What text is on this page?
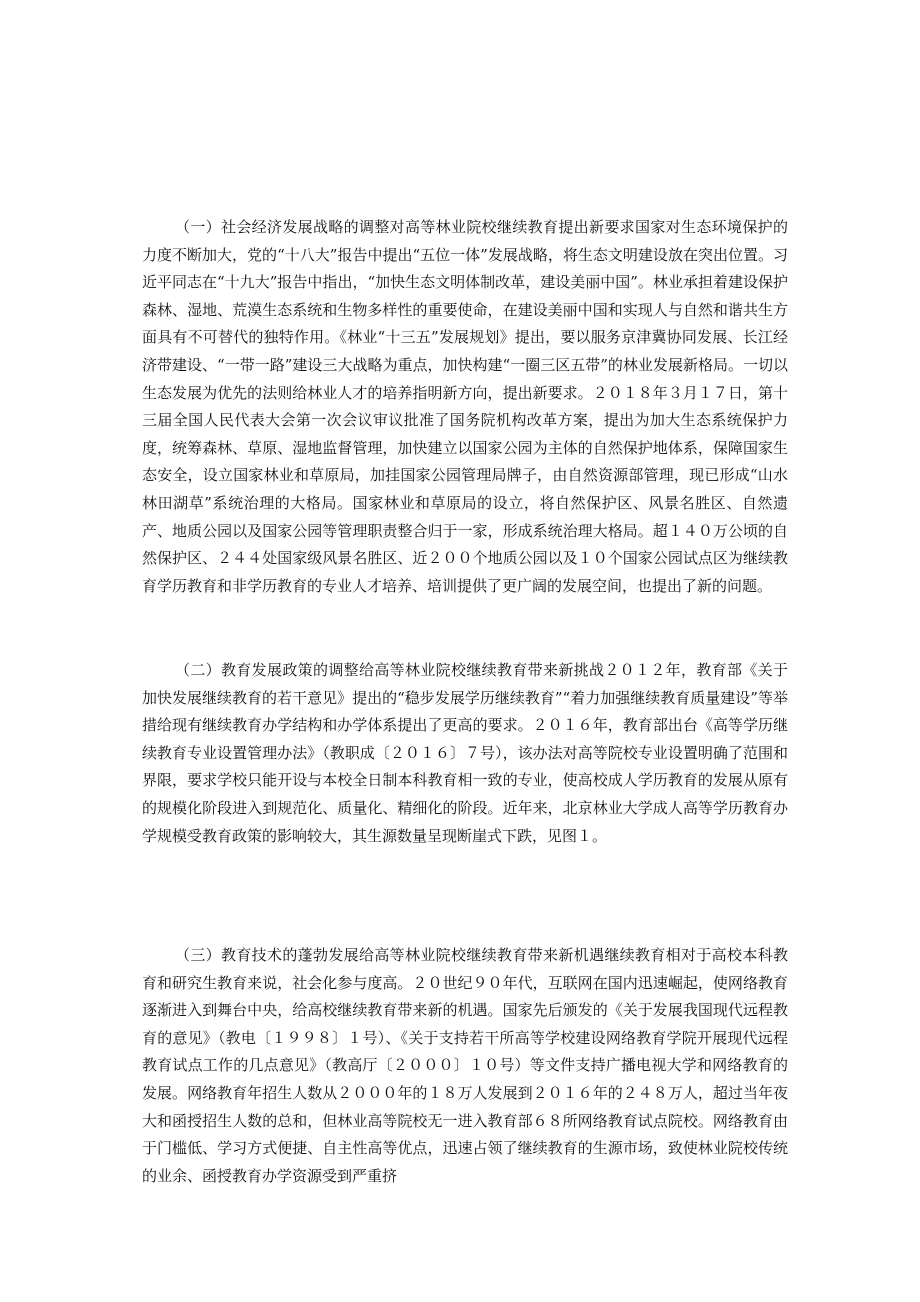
（一）社会经济发展战略的调整对高等林业院校继续教育提出新要求国家对生态环境保护的力度不断加大，党的“十八大”报告中提出“五位一体”发展战略，将生态文明建设放在突出位置。习近平同志在“十九大”报告中指出，“加快生态文明体制改革，建设美丽中国”。林业承担着建设保护森林、湿地、荒漠生态系统和生物多样性的重要使命，在建设美丽中国和实现人与自然和谐共生方面具有不可替代的独特作用。《林业“十三五”发展规划》提出，要以服务京津冀协同发展、长江经济带建设、“一带一路”建设三大战略为重点，加快构建“一圈三区五带”的林业发展新格局。一切以生态发展为优先的法则给林业人才的培养指明新方向，提出新要求。２０１８年３月１７日，第十三届全国人民代表大会第一次会议审议批准了国务院机构改革方案，提出为加大生态系统保护力度，统筹森林、草原、湿地监督管理，加快建立以国家公园为主体的自然保护地体系，保障国家生态安全，设立国家林业和草原局，加挂国家公园管理局牌子，由自然资源部管理，现已形成“山水林田湖草”系统治理的大格局。国家林业和草原局的设立，将自然保护区、风景名胜区、自然遗产、地质公园以及国家公园等管理职责整合归于一家，形成系统治理大格局。超１４０万公顷的自然保护区、２４４处国家级风景名胜区、近２００个地质公园以及１０个国家公园试点区为继续教育学历教育和非学历教育的专业人才培养、培训提供了更广阔的发展空间，也提出了新的问题。

（二）教育发展政策的调整给高等林业院校继续教育带来新挑战２０１２年，教育部《关于加快发展继续教育的若干意见》提出的“稳步发展学历继续教育”“着力加强继续教育质量建设”等举措给现有继续教育办学结构和办学体系提出了更高的要求。２０１６年，教育部出台《高等学历继续教育专业设置管理办法》（教职成〔２０１６〕７号），该办法对高等院校专业设置明确了范围和界限，要求学校只能开设与本校全日制本科教育相一致的专业，使高校成人学历教育的发展从原有的规模化阶段进入到规范化、质量化、精细化的阶段。近年来，北京林业大学成人高等学历教育办学规模受教育政策的影响较大，其生源数量呈现断崖式下跌，见图１。

（三）教育技术的蓬勃发展给高等林业院校继续教育带来新机遇继续教育相对于高校本科教育和研究生教育来说，社会化参与度高。２０世纪９０年代，互联网在国内迅速崛起，使网络教育逐渐进入到舞台中央，给高校继续教育带来新的机遇。国家先后颁发的《关于发展我国现代远程教育的意见》（教电〔１９９８〕１号）、《关于支持若干所高等学校建设网络教育学院开展现代远程教育试点工作的几点意见》（教高厅〔２０００〕１０号）等文件支持广播电视大学和网络教育的发展。网络教育年招生人数从２０００年的１８万人发展到２０１６年的２４８万人，超过当年夜大和函授招生人数的总和，但林业高等院校无一进入教育部６８所网络教育试点院校。网络教育由于门槛低、学习方式便捷、自主性高等优点，迅速占领了继续教育的生源市场，致使林业院校传统的业余、函授教育办学资源受到严重挤
